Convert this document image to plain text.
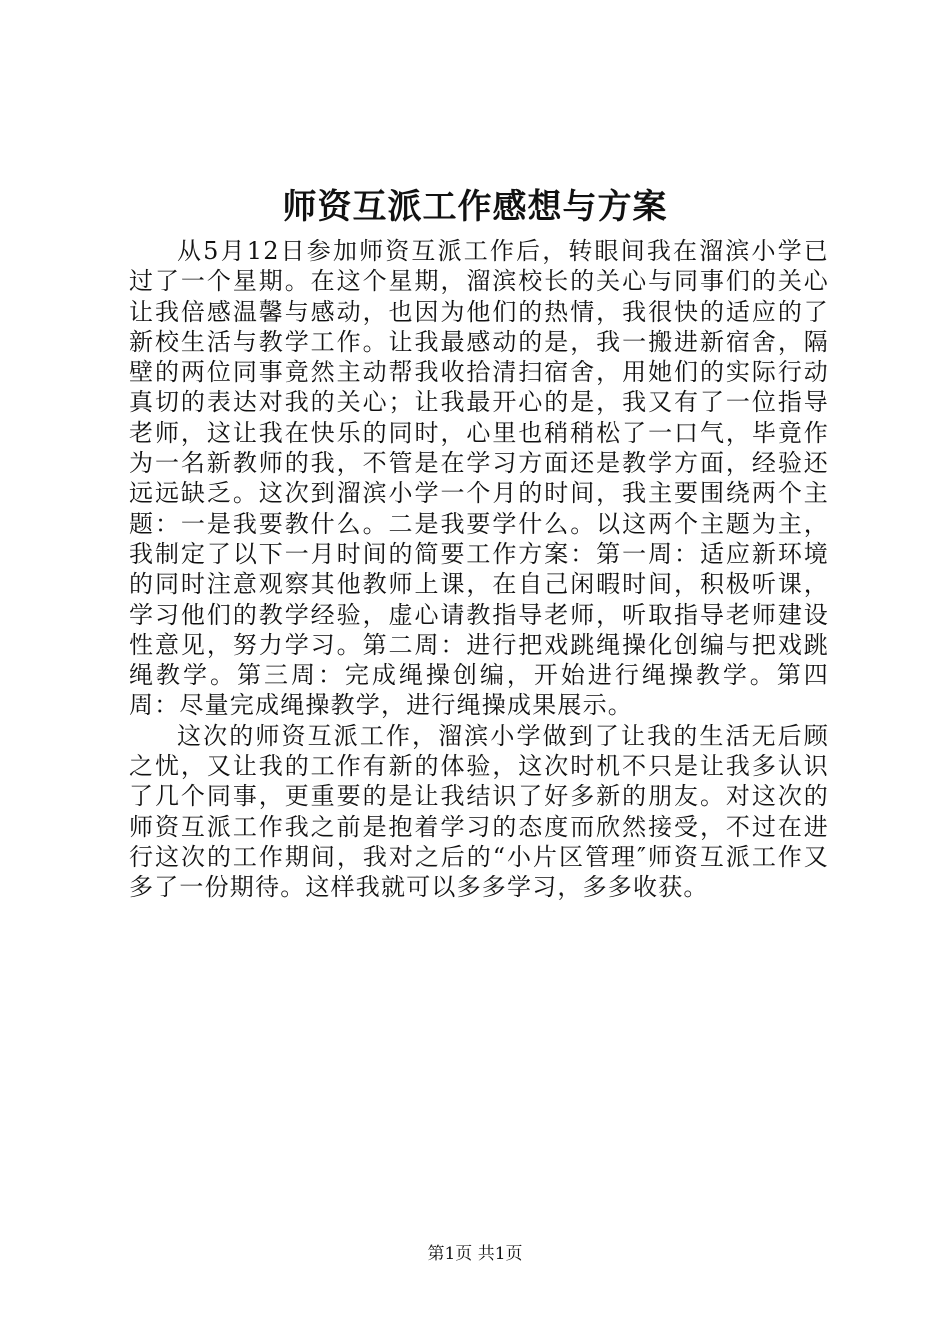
师资互派工作感想与方案

从5月12日参加师资互派工作后，转眼间我在溜滨小学已过了一个星期。在这个星期，溜滨校长的关心与同事们的关心让我倍感温馨与感动，也因为他们的热情，我很快的适应的了新校生活与教学工作。让我最感动的是，我一搬进新宿舍，隔壁的两位同事竟然主动帮我收拾清扫宿舍，用她们的实际行动真切的表达对我的关心；让我最开心的是，我又有了一位指导老师，这让我在快乐的同时，心里也稍稍松了一口气，毕竟作为一名新教师的我，不管是在学习方面还是教学方面，经验还远远缺乏。这次到溜滨小学一个月的时间，我主要围绕两个主题：一是我要教什么。二是我要学什么。以这两个主题为主，我制定了以下一月时间的简要工作方案：第一周：适应新环境的同时注意观察其他教师上课，在自己闲暇时间，积极听课，学习他们的教学经验，虚心请教指导老师，听取指导老师建设性意见，努力学习。第二周：进行把戏跳绳操化创编与把戏跳绳教学。第三周：完成绳操创编，开始进行绳操教学。第四周：尽量完成绳操教学，进行绳操成果展示。

这次的师资互派工作，溜滨小学做到了让我的生活无后顾之忧，又让我的工作有新的体验，这次时机不只是让我多认识了几个同事，更重要的是让我结识了好多新的朋友。对这次的师资互派工作我之前是抱着学习的态度而欣然接受，不过在进行这次的工作期间，我对之后的“小片区管理″师资互派工作又多了一份期待。这样我就可以多多学习，多多收获。

第1页 共1页
